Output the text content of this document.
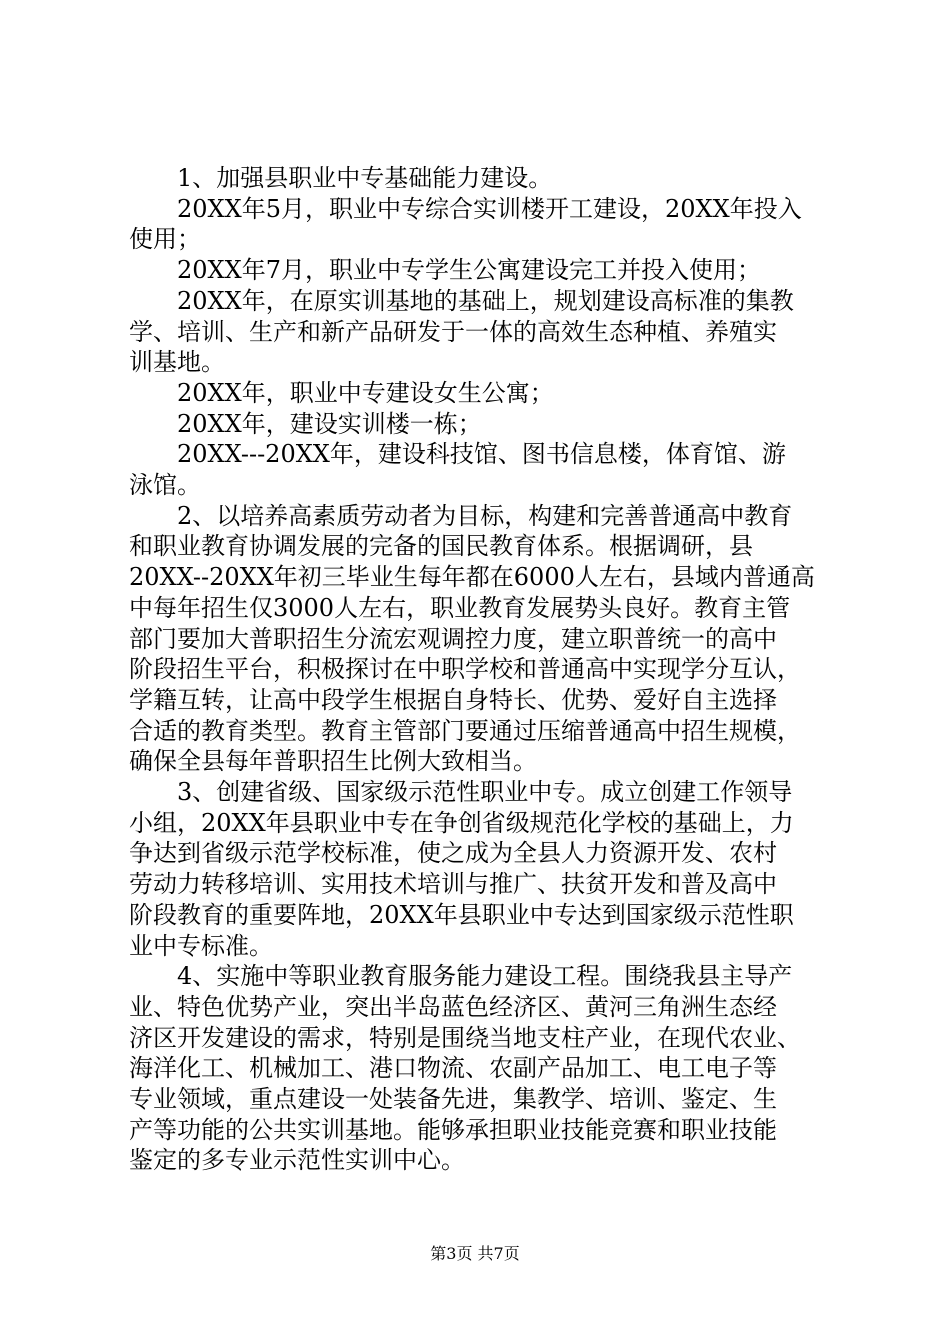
　　1、加强县职业中专基础能力建设。
　　20XX年5月，职业中专综合实训楼开工建设，20XX年投入
使用；
　　20XX年7月，职业中专学生公寓建设完工并投入使用；
　　20XX年，在原实训基地的基础上，规划建设高标准的集教
学、培训、生产和新产品研发于一体的高效生态种植、养殖实
训基地。
　　20XX年，职业中专建设女生公寓；
　　20XX年，建设实训楼一栋；
　　20XX---20XX年，建设科技馆、图书信息楼，体育馆、游
泳馆。
　　2、以培养高素质劳动者为目标，构建和完善普通高中教育
和职业教育协调发展的完备的国民教育体系。根据调研，县
20XX--20XX年初三毕业生每年都在6000人左右，县域内普通高
中每年招生仅3000人左右，职业教育发展势头良好。教育主管
部门要加大普职招生分流宏观调控力度，建立职普统一的高中
阶段招生平台，积极探讨在中职学校和普通高中实现学分互认，
学籍互转，让高中段学生根据自身特长、优势、爱好自主选择
合适的教育类型。教育主管部门要通过压缩普通高中招生规模，
确保全县每年普职招生比例大致相当。
　　3、创建省级、国家级示范性职业中专。成立创建工作领导
小组，20XX年县职业中专在争创省级规范化学校的基础上，力
争达到省级示范学校标准，使之成为全县人力资源开发、农村
劳动力转移培训、实用技术培训与推广、扶贫开发和普及高中
阶段教育的重要阵地，20XX年县职业中专达到国家级示范性职
业中专标准。
　　4、实施中等职业教育服务能力建设工程。围绕我县主导产
业、特色优势产业，突出半岛蓝色经济区、黄河三角洲生态经
济区开发建设的需求，特别是围绕当地支柱产业，在现代农业、
海洋化工、机械加工、港口物流、农副产品加工、电工电子等
专业领域，重点建设一处装备先进，集教学、培训、鉴定、生
产等功能的公共实训基地。能够承担职业技能竞赛和职业技能
鉴定的多专业示范性实训中心。
第3页 共7页
